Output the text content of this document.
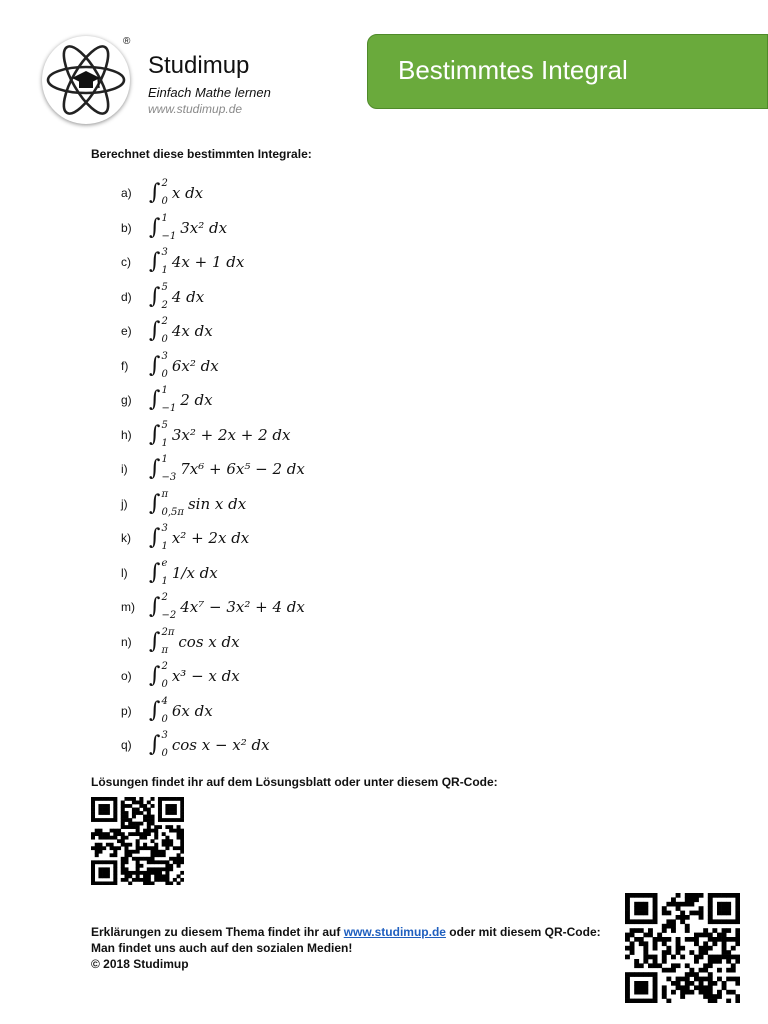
®
Studimup
Einfach Mathe lernen
www.studimup.de
Bestimmtes Integral
Berechnet diese bestimmten Integrale:
a) ∫ 2
0 x dx
b) ∫ 1
−1 3x² dx
c) ∫ 3
1 4x + 1 dx
d) ∫ 5
2 4 dx
e) ∫ 2
0 4x dx
f) ∫ 3
0 6x² dx
g) ∫ 1
−1 2 dx
h) ∫ 5
1 3x² + 2x + 2 dx
i) ∫ 1
−3 7x⁶ + 6x⁵ − 2 dx
j) ∫ π
0,5π sin x dx
k) ∫ 3
1 x² + 2x dx
l) ∫ e
1 1/x dx
m) ∫ 2
−2 4x⁷ − 3x² + 4 dx
n) ∫ 2π
π cos x dx
o) ∫ 2
0 x³ − x dx
p) ∫ 4
0 6x dx
q) ∫ 3
0 cos x − x² dx
Lösungen findet ihr auf dem Lösungsblatt oder unter diesem QR-Code:
Erklärungen zu diesem Thema findet ihr auf www.studimup.de oder mit diesem QR-Code:
Man findet uns auch auf den sozialen Medien!
© 2018 Studimup
